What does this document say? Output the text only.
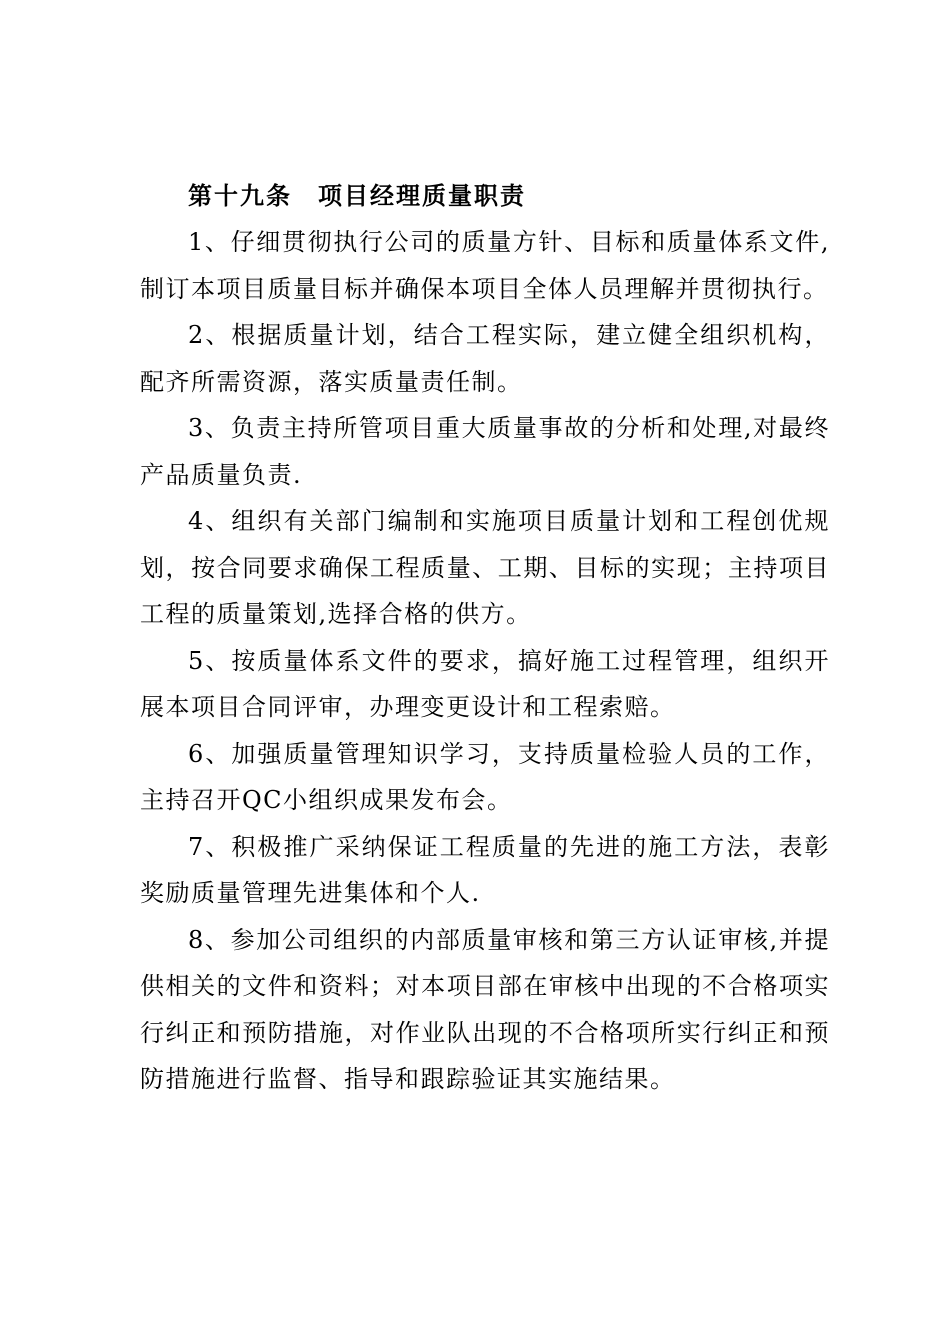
第十九条　项目经理质量职责

1、仔细贯彻执行公司的质量方针、目标和质量体系文件,制订本项目质量目标并确保本项目全体人员理解并贯彻执行。

2、根据质量计划，结合工程实际，建立健全组织机构，配齐所需资源，落实质量责任制。

3、负责主持所管项目重大质量事故的分析和处理,对最终产品质量负责.

4、组织有关部门编制和实施项目质量计划和工程创优规划，按合同要求确保工程质量、工期、目标的实现；主持项目工程的质量策划,选择合格的供方。

5、按质量体系文件的要求，搞好施工过程管理，组织开展本项目合同评审，办理变更设计和工程索赔。

6、加强质量管理知识学习，支持质量检验人员的工作，主持召开QC小组织成果发布会。

7、积极推广采纳保证工程质量的先进的施工方法，表彰奖励质量管理先进集体和个人.

8、参加公司组织的内部质量审核和第三方认证审核,并提供相关的文件和资料；对本项目部在审核中出现的不合格项实行纠正和预防措施，对作业队出现的不合格项所实行纠正和预防措施进行监督、指导和跟踪验证其实施结果。
